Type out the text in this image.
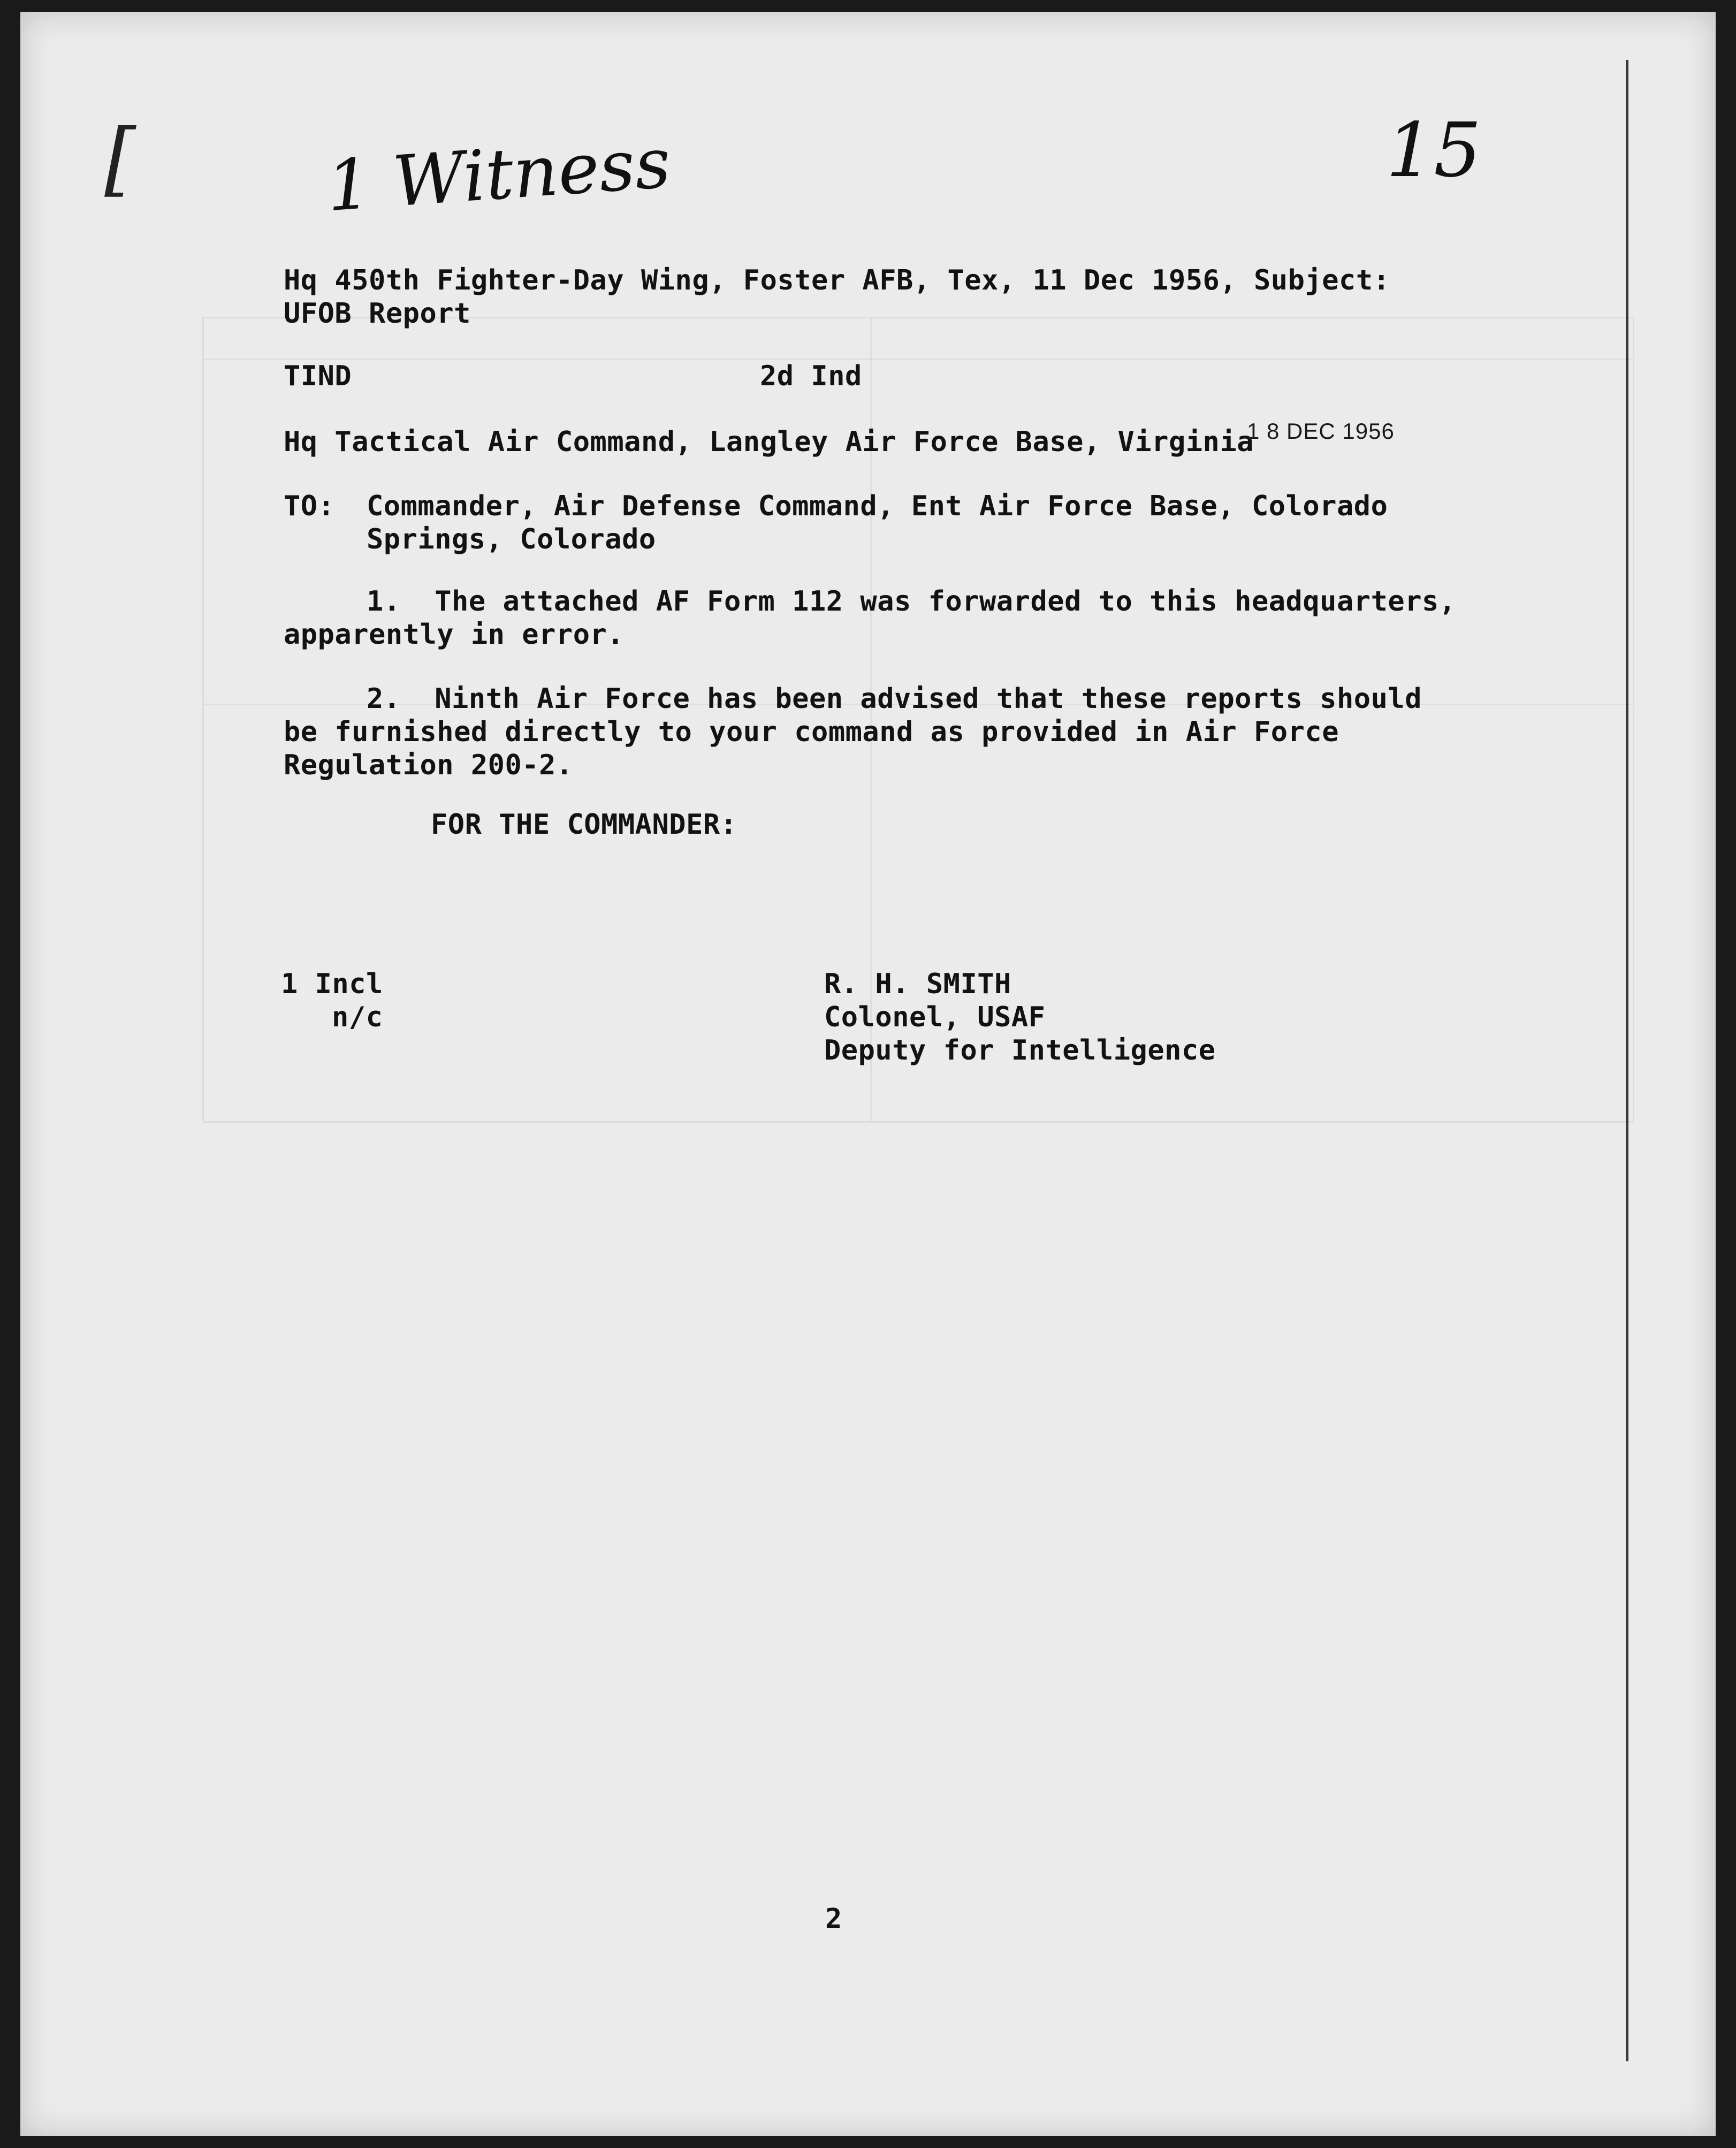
[	1 Witness	15
Hq 450th Fighter-Day Wing, Foster AFB, Tex, 11 Dec 1956, Subject:
UFOB Report
TIND	2d Ind
Hq Tactical Air Command, Langley Air Force Base, Virginia
1 8 DEC 1956
TO: Commander, Air Defense Command, Ent Air Force Base, Colorado
Springs, Colorado
1.  The attached AF Form 112 was forwarded to this headquarters,
apparently in error.
2.  Ninth Air Force has been advised that these reports should
be furnished directly to your command as provided in Air Force
Regulation 200-2.
FOR THE COMMANDER:
1 Incl
n/c
R. H. SMITH
Colonel, USAF
Deputy for Intelligence
2
